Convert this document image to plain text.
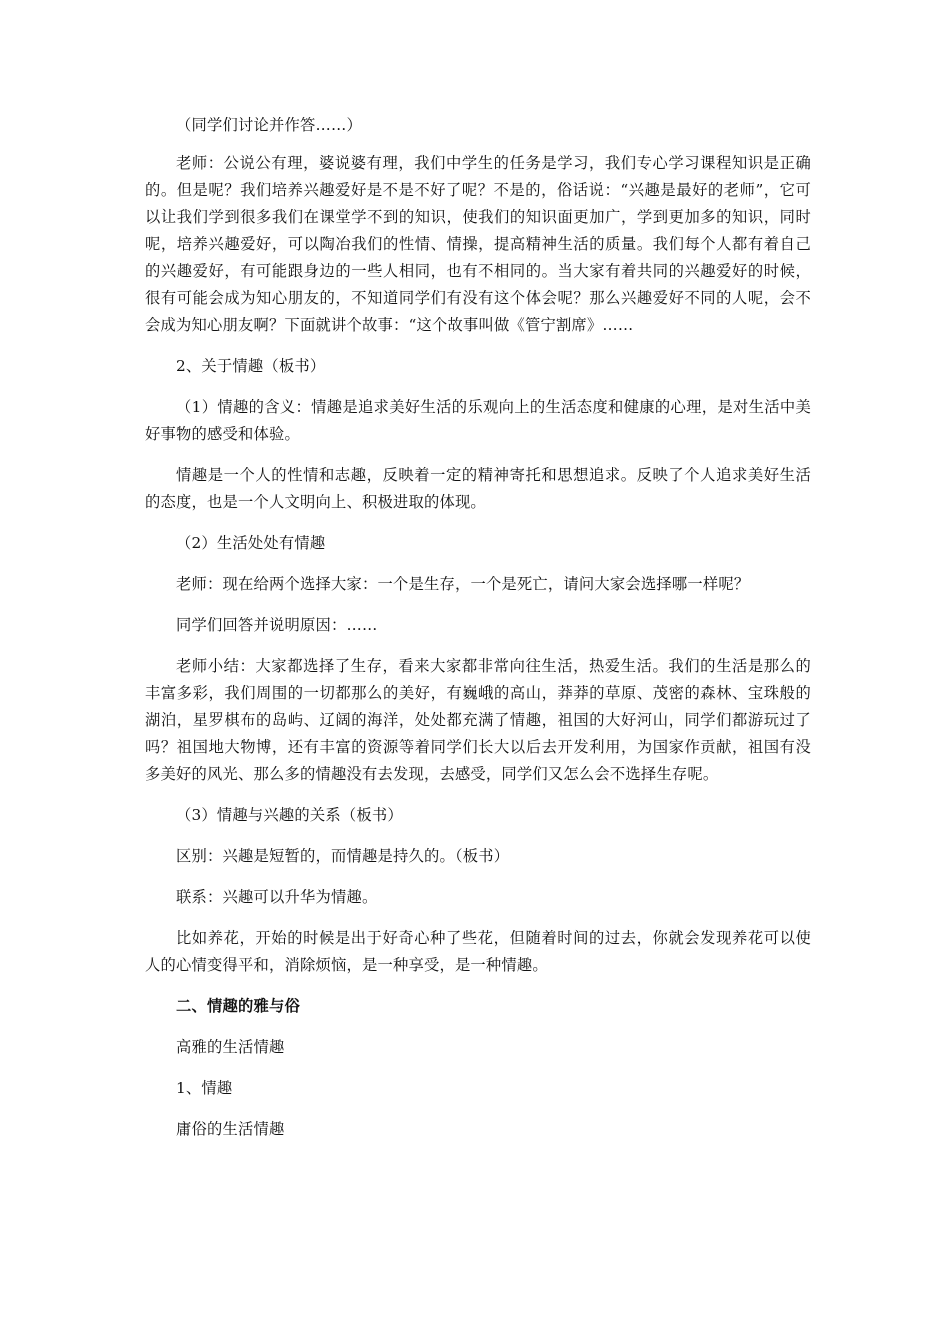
（同学们讨论并作答……）

老师：公说公有理，婆说婆有理，我们中学生的任务是学习，我们专心学习课程知识是正确的。但是呢？我们培养兴趣爱好是不是不好了呢？不是的，俗话说：“兴趣是最好的老师”，它可以让我们学到很多我们在课堂学不到的知识，使我们的知识面更加广，学到更加多的知识，同时呢，培养兴趣爱好，可以陶冶我们的性情、情操，提高精神生活的质量。我们每个人都有着自己的兴趣爱好，有可能跟身边的一些人相同，也有不相同的。当大家有着共同的兴趣爱好的时候，很有可能会成为知心朋友的，不知道同学们有没有这个体会呢？那么兴趣爱好不同的人呢，会不会成为知心朋友啊？下面就讲个故事：“这个故事叫做《管宁割席》……

2、关于情趣（板书）

（1）情趣的含义：情趣是追求美好生活的乐观向上的生活态度和健康的心理，是对生活中美好事物的感受和体验。

情趣是一个人的性情和志趣，反映着一定的精神寄托和思想追求。反映了个人追求美好生活的态度，也是一个人文明向上、积极进取的体现。

（2）生活处处有情趣

老师：现在给两个选择大家：一个是生存，一个是死亡，请问大家会选择哪一样呢？

同学们回答并说明原因：……

老师小结：大家都选择了生存，看来大家都非常向往生活，热爱生活。我们的生活是那么的丰富多彩，我们周围的一切都那么的美好，有巍峨的高山，莽莽的草原、茂密的森林、宝珠般的湖泊，星罗棋布的岛屿、辽阔的海洋，处处都充满了情趣，祖国的大好河山，同学们都游玩过了吗？祖国地大物博，还有丰富的资源等着同学们长大以后去开发利用，为国家作贡献，祖国有没多美好的风光、那么多的情趣没有去发现，去感受，同学们又怎么会不选择生存呢。

（3）情趣与兴趣的关系（板书）

区别：兴趣是短暂的，而情趣是持久的。（板书）

联系：兴趣可以升华为情趣。

比如养花，开始的时候是出于好奇心种了些花，但随着时间的过去，你就会发现养花可以使人的心情变得平和，消除烦恼，是一种享受，是一种情趣。

二、情趣的雅与俗

高雅的生活情趣

1、情趣

庸俗的生活情趣
